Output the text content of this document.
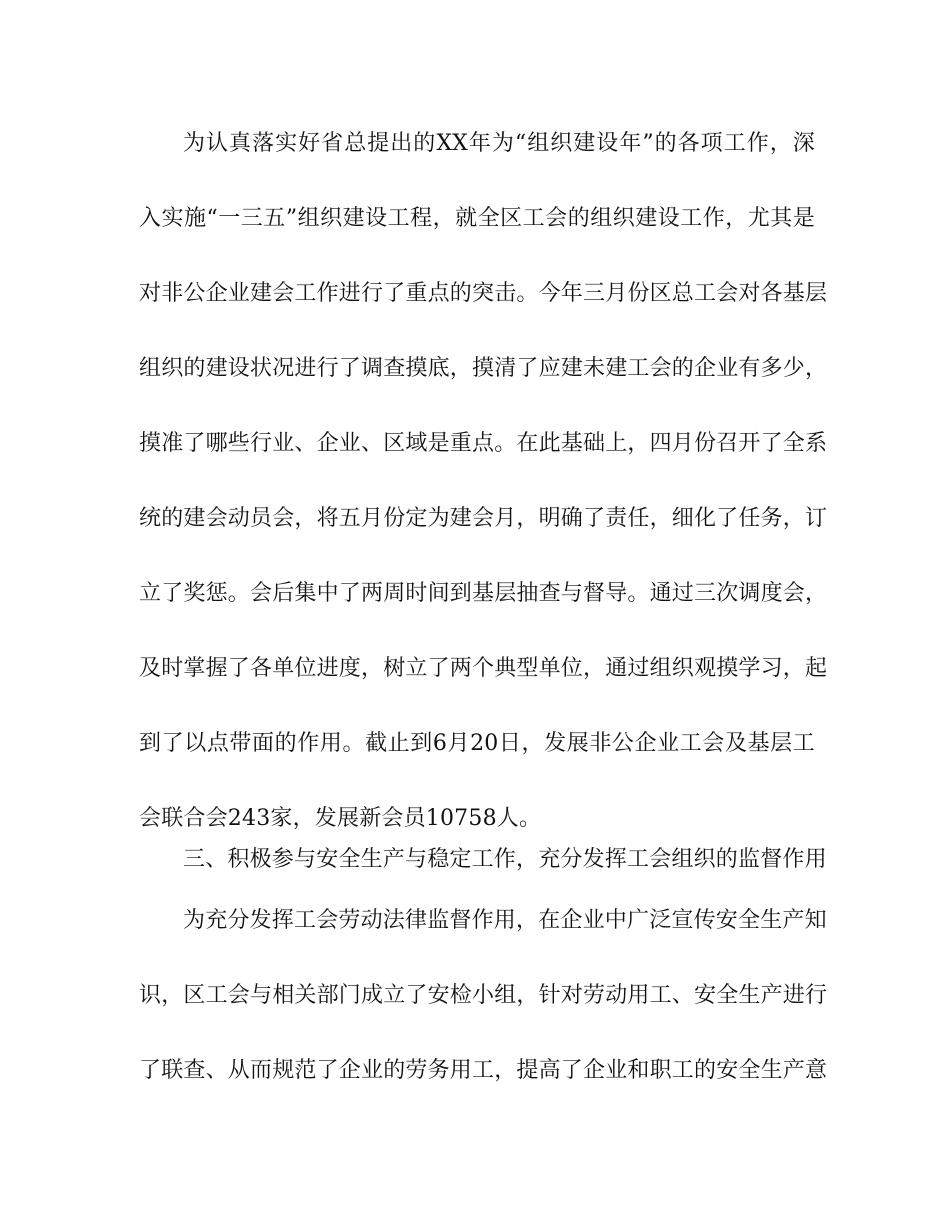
为认真落实好省总提出的XX年为“组织建设年”的各项工作，深
入实施“一三五”组织建设工程，就全区工会的组织建设工作，尤其是
对非公企业建会工作进行了重点的突击。今年三月份区总工会对各基层
组织的建设状况进行了调查摸底，摸清了应建未建工会的企业有多少，
摸准了哪些行业、企业、区域是重点。在此基础上，四月份召开了全系
统的建会动员会，将五月份定为建会月，明确了责任，细化了任务，订
立了奖惩。会后集中了两周时间到基层抽查与督导。通过三次调度会，
及时掌握了各单位进度，树立了两个典型单位，通过组织观摸学习，起
到了以点带面的作用。截止到6月20日，发展非公企业工会及基层工
会联合会243家，发展新会员10758人。
三、积极参与安全生产与稳定工作，充分发挥工会组织的监督作用
为充分发挥工会劳动法律监督作用，在企业中广泛宣传安全生产知
识，区工会与相关部门成立了安检小组，针对劳动用工、安全生产进行
了联查、从而规范了企业的劳务用工，提高了企业和职工的安全生产意
